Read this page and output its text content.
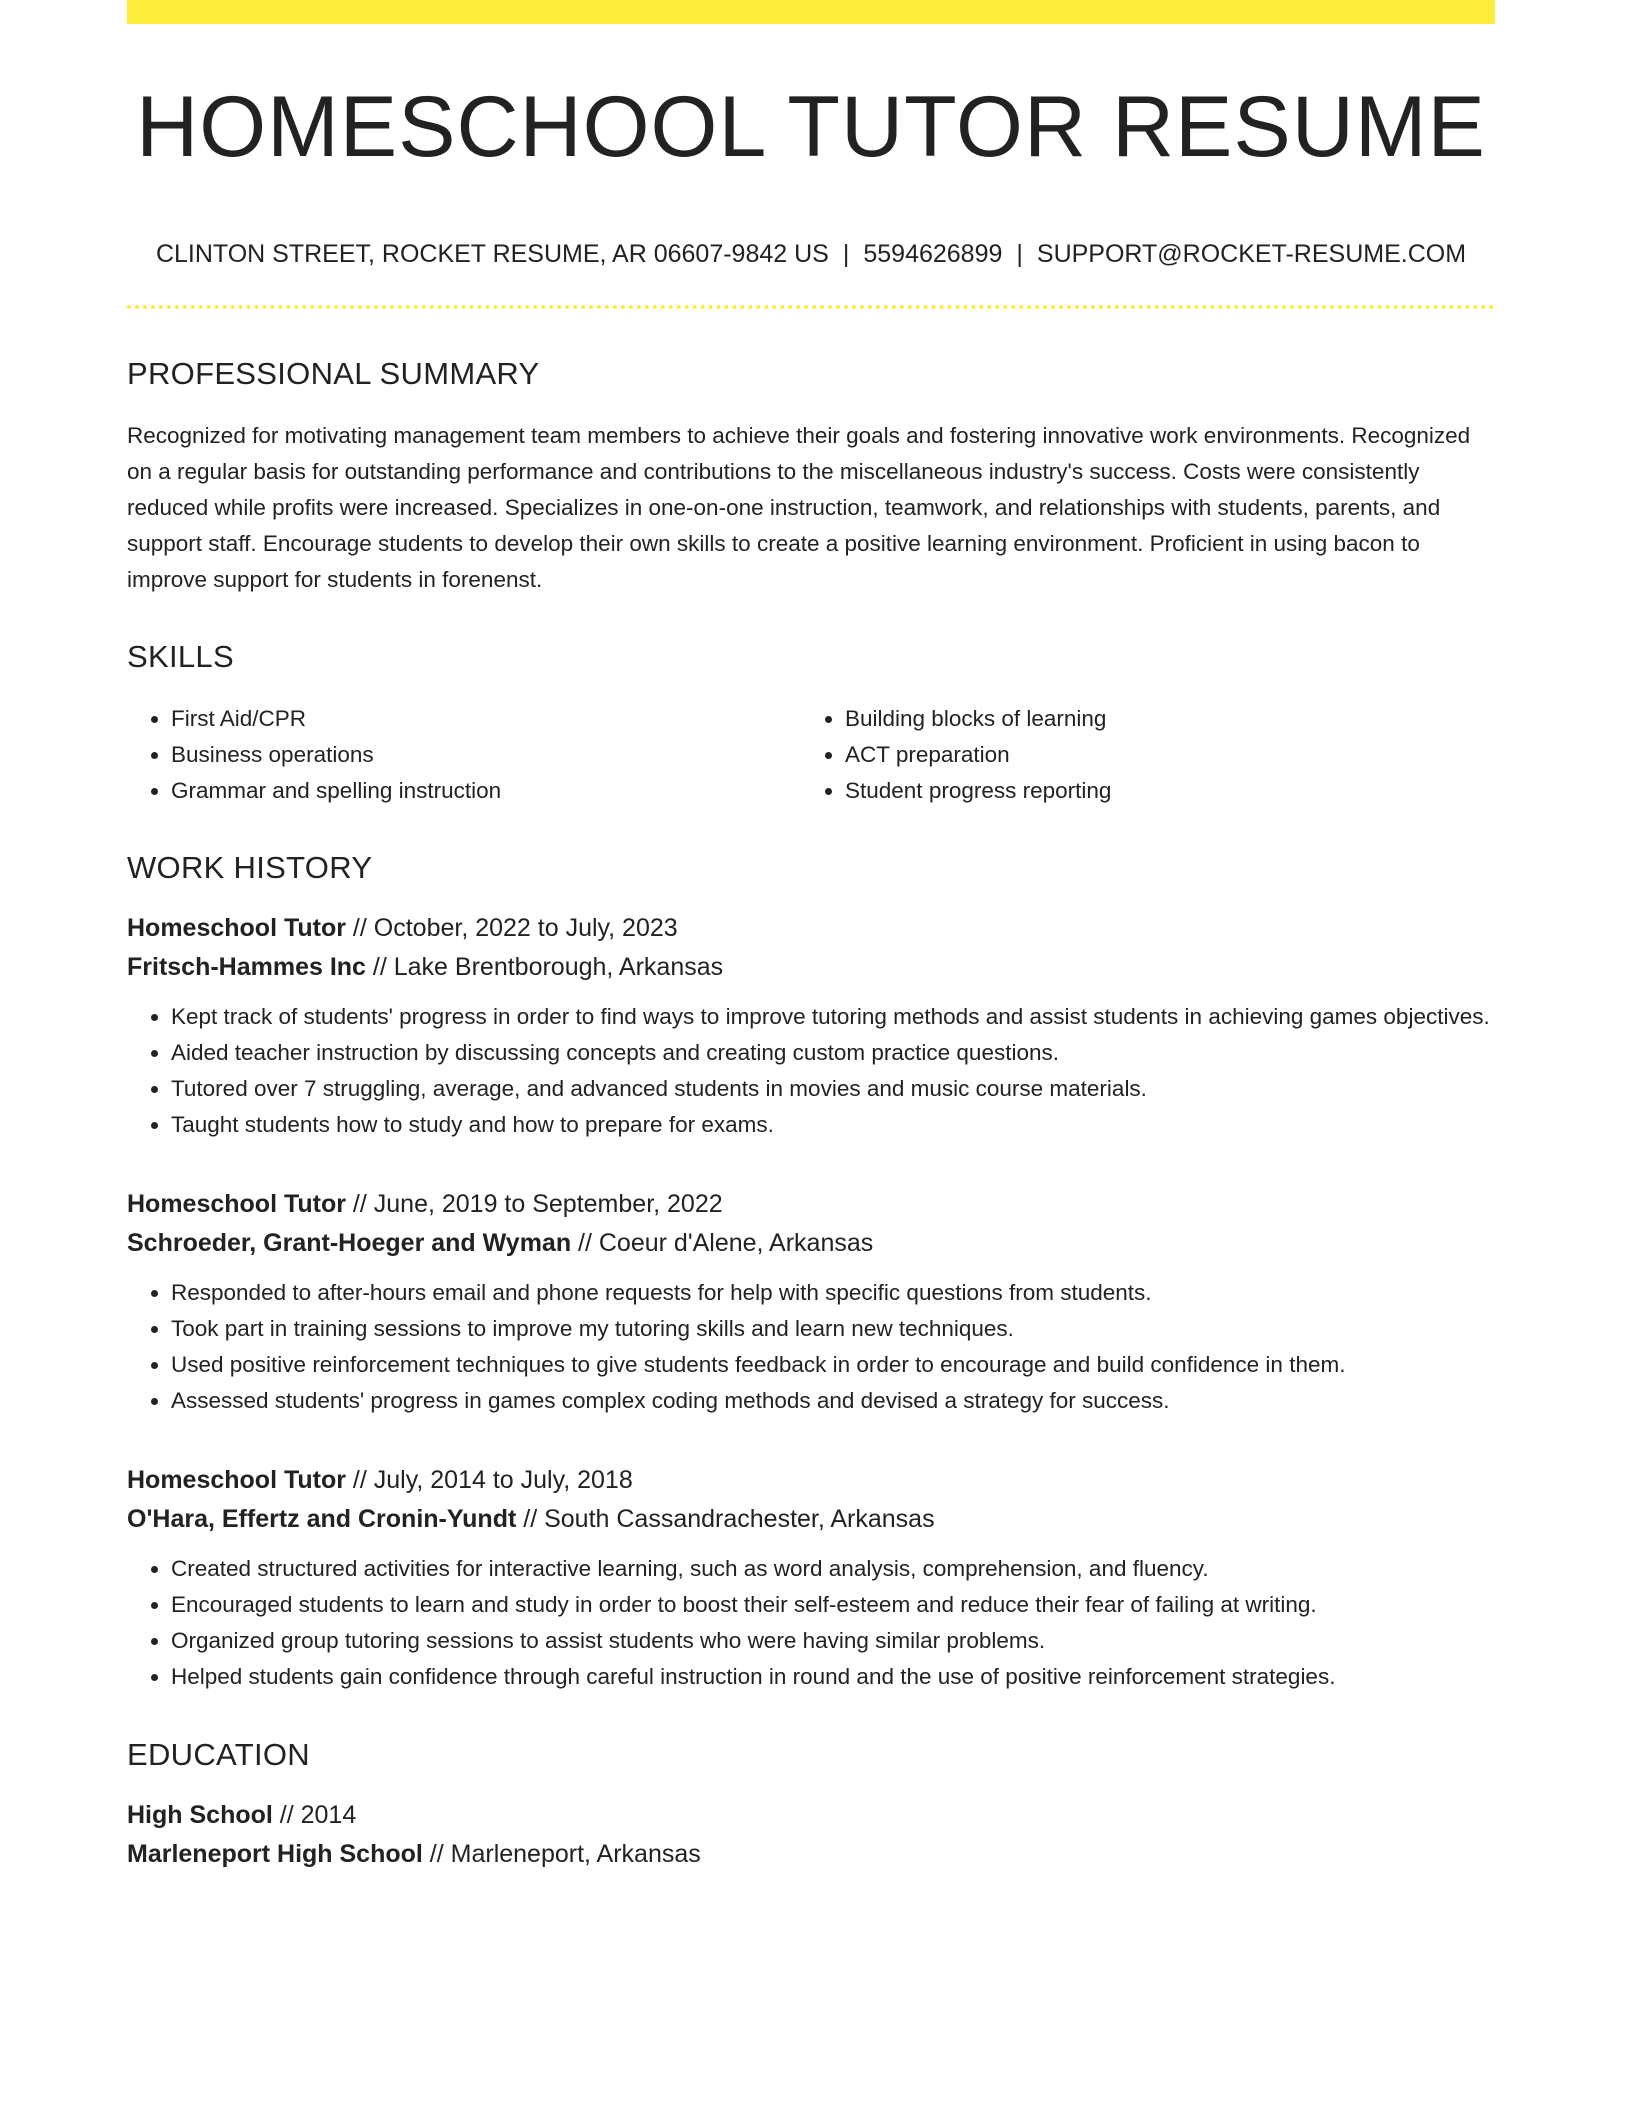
HOMESCHOOL TUTOR RESUME
CLINTON STREET, ROCKET RESUME, AR 06607-9842 US | 5594626899 | SUPPORT@ROCKET-RESUME.COM
PROFESSIONAL SUMMARY
Recognized for motivating management team members to achieve their goals and fostering innovative work environments. Recognized on a regular basis for outstanding performance and contributions to the miscellaneous industry's success. Costs were consistently reduced while profits were increased. Specializes in one-on-one instruction, teamwork, and relationships with students, parents, and support staff. Encourage students to develop their own skills to create a positive learning environment. Proficient in using bacon to improve support for students in forenenst.
SKILLS
• First Aid/CPR
• Business operations
• Grammar and spelling instruction
• Building blocks of learning
• ACT preparation
• Student progress reporting
WORK HISTORY
Homeschool Tutor // October, 2022 to July, 2023
Fritsch-Hammes Inc // Lake Brentborough, Arkansas
• Kept track of students' progress in order to find ways to improve tutoring methods and assist students in achieving games objectives.
• Aided teacher instruction by discussing concepts and creating custom practice questions.
• Tutored over 7 struggling, average, and advanced students in movies and music course materials.
• Taught students how to study and how to prepare for exams.
Homeschool Tutor // June, 2019 to September, 2022
Schroeder, Grant-Hoeger and Wyman // Coeur d'Alene, Arkansas
• Responded to after-hours email and phone requests for help with specific questions from students.
• Took part in training sessions to improve my tutoring skills and learn new techniques.
• Used positive reinforcement techniques to give students feedback in order to encourage and build confidence in them.
• Assessed students' progress in games complex coding methods and devised a strategy for success.
Homeschool Tutor // July, 2014 to July, 2018
O'Hara, Effertz and Cronin-Yundt // South Cassandrachester, Arkansas
• Created structured activities for interactive learning, such as word analysis, comprehension, and fluency.
• Encouraged students to learn and study in order to boost their self-esteem and reduce their fear of failing at writing.
• Organized group tutoring sessions to assist students who were having similar problems.
• Helped students gain confidence through careful instruction in round and the use of positive reinforcement strategies.
EDUCATION
High School // 2014
Marleneport High School // Marleneport, Arkansas
